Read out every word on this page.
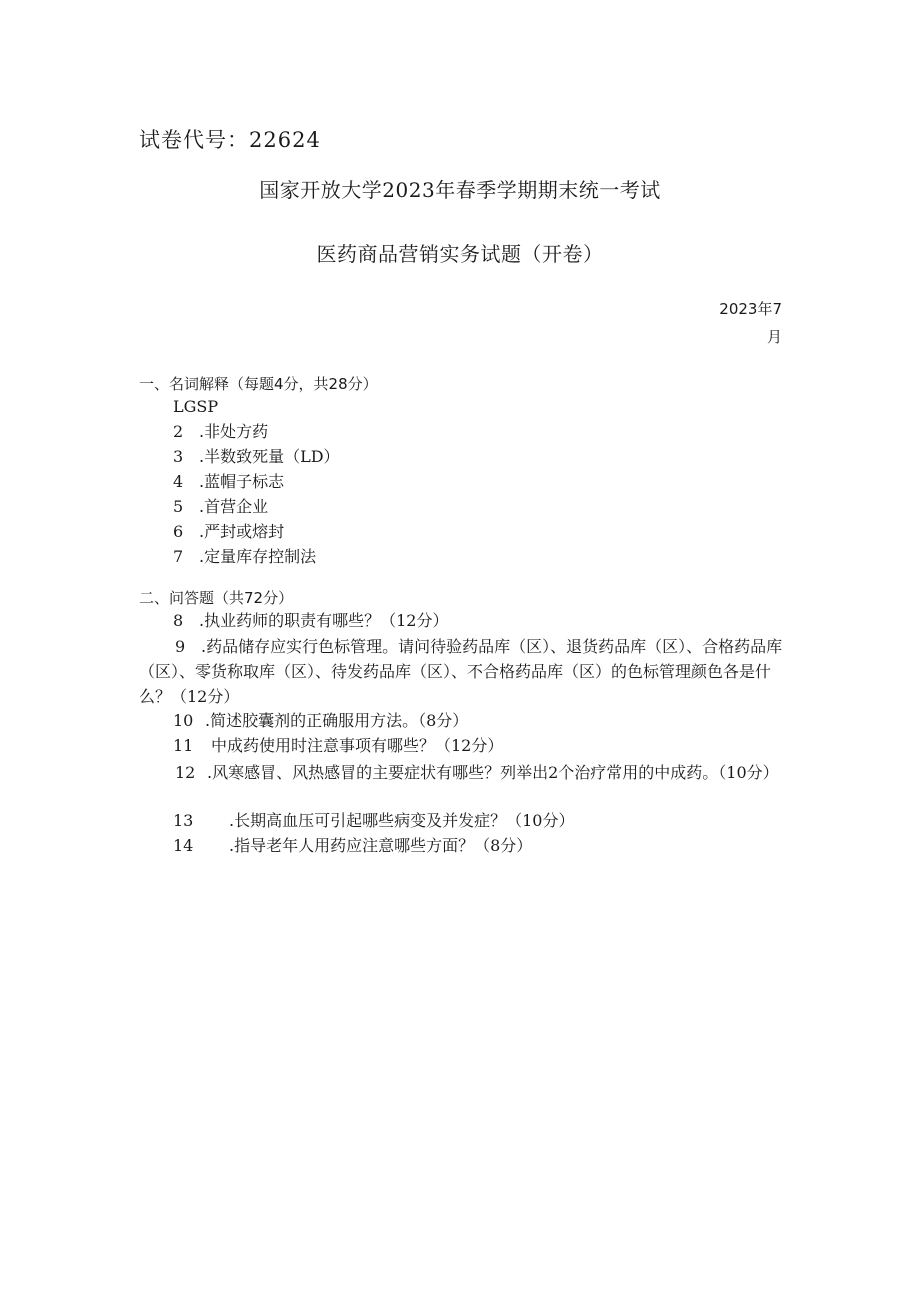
试卷代号：22624
国家开放大学2023年春季学期期末统一考试
医药商品营销实务试题（开卷）
2023年7
月
一、名词解释（每题4分，共28分）
LGSP
2 .非处方药
3 .半数致死量（LD）
4 .蓝帽子标志
5 .首营企业
6 .严封或熔封
7 .定量库存控制法
二、问答题（共72分）
8 .执业药师的职责有哪些？（12分）
9 .药品储存应实行色标管理。请问待验药品库（区）、退货药品库（区）、合格药品库（区）、零货称取库（区）、待发药品库（区）、不合格药品库（区）的色标管理颜色各是什么？（12分）
10 .简述胶囊剂的正确服用方法。（8分）
11 中成药使用时注意事项有哪些？（12分）
12 .风寒感冒、风热感冒的主要症状有哪些？列举出2个治疗常用的中成药。（10分）
13 .长期高血压可引起哪些病变及并发症？（10分）
14 .指导老年人用药应注意哪些方面？（8分）
